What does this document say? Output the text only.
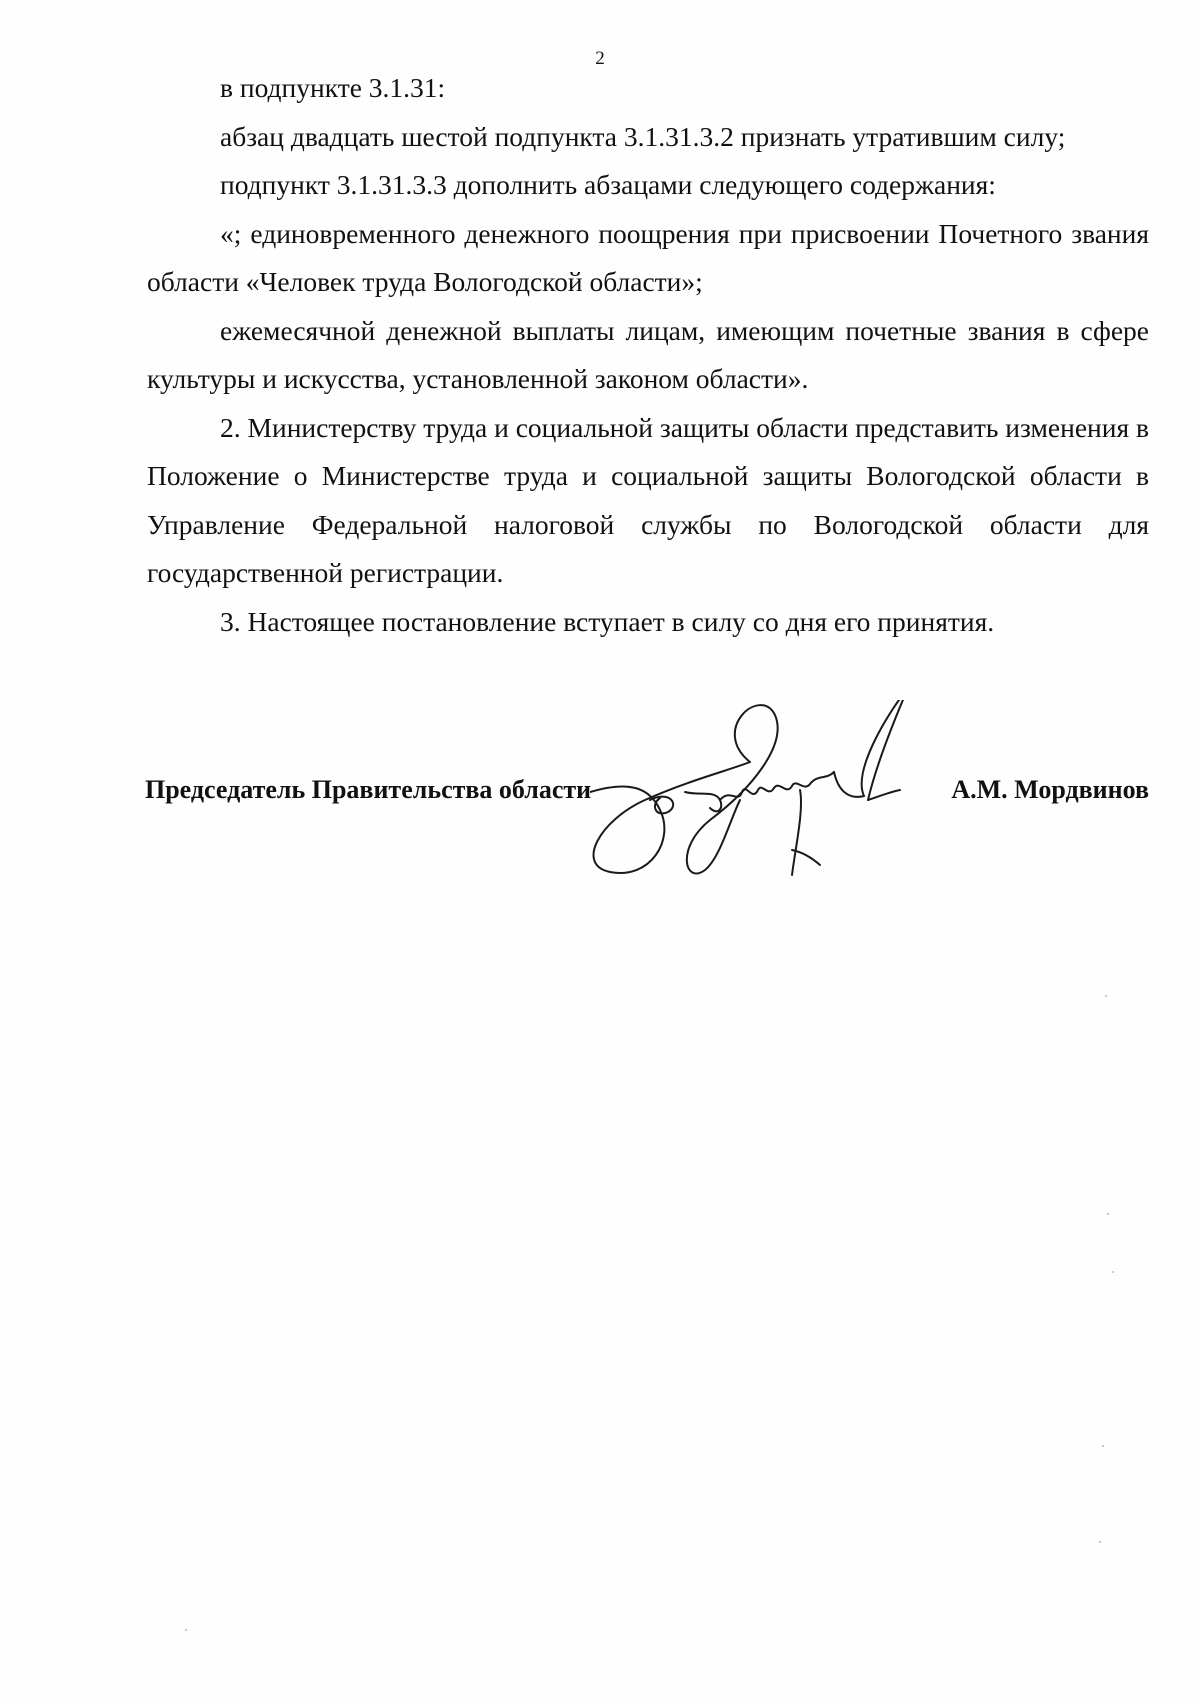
2

в подпункте 3.1.31:

абзац двадцать шестой подпункта 3.1.31.3.2 признать утратившим силу;

подпункт 3.1.31.3.3 дополнить абзацами следующего содержания:

«; единовременного денежного поощрения при присвоении Почетного звания области «Человек труда Вологодской области»;

ежемесячной денежной выплаты лицам, имеющим почетные звания в сфере культуры и искусства, установленной законом области».

2. Министерству труда и социальной защиты области представить изменения в Положение о Министерстве труда и социальной защиты Вологодской области в Управление Федеральной налоговой службы по Вологодской области для государственной регистрации.

3. Настоящее постановление вступает в силу со дня его принятия.

Председатель Правительства области	А.М. Мордвинов
